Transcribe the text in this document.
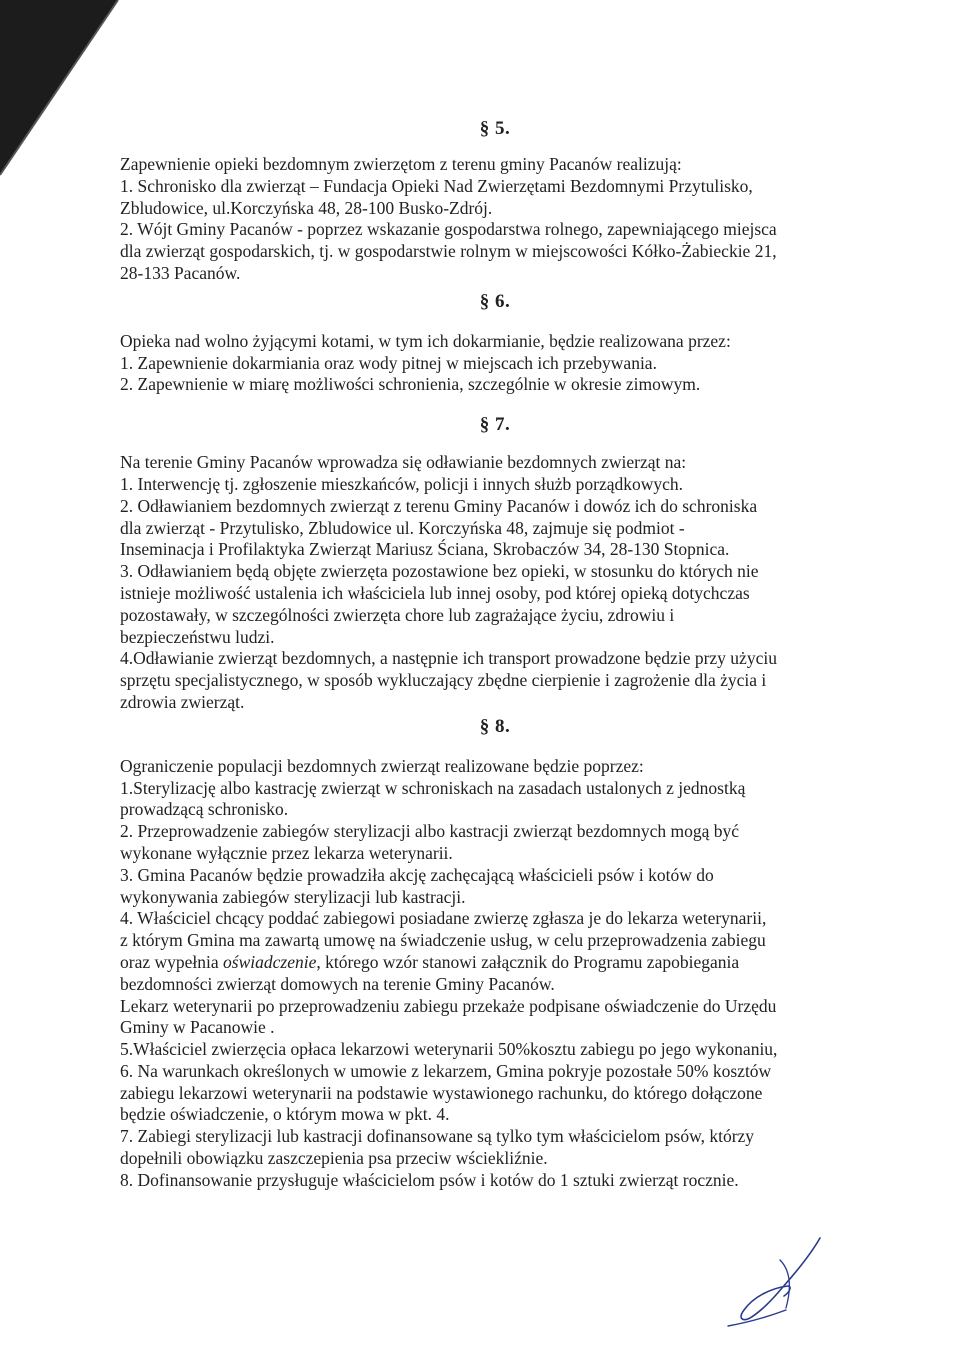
§ 5.

Zapewnienie opieki bezdomnym zwierzętom z terenu gminy Pacanów realizują:

1. Schronisko dla zwierząt – Fundacja Opieki Nad Zwierzętami Bezdomnymi Przytulisko,

Zbludowice, ul.Korczyńska 48, 28-100 Busko-Zdrój.

2. Wójt Gminy Pacanów - poprzez wskazanie gospodarstwa rolnego, zapewniającego miejsca

dla zwierząt gospodarskich, tj. w gospodarstwie rolnym w miejscowości Kółko-Żabieckie 21,

28-133 Pacanów.

§ 6.

Opieka nad wolno żyjącymi kotami, w tym ich dokarmianie, będzie realizowana przez:

1. Zapewnienie dokarmiania oraz wody pitnej w miejscach ich przebywania.

2. Zapewnienie w miarę możliwości schronienia, szczególnie w okresie zimowym.

§ 7.

Na terenie Gminy Pacanów wprowadza się odławianie bezdomnych zwierząt na:

1. Interwencję tj. zgłoszenie mieszkańców, policji i innych służb porządkowych.

2. Odławianiem bezdomnych zwierząt z terenu Gminy Pacanów i dowóz ich do schroniska

dla zwierząt - Przytulisko, Zbludowice ul. Korczyńska 48, zajmuje się podmiot -

Inseminacja i Profilaktyka Zwierząt Mariusz Ściana, Skrobaczów 34, 28-130 Stopnica.

3. Odławianiem będą objęte zwierzęta pozostawione bez opieki, w stosunku do których nie

istnieje możliwość ustalenia ich właściciela lub innej osoby, pod której opieką dotychczas

pozostawały, w szczególności zwierzęta chore lub zagrażające życiu, zdrowiu i

bezpieczeństwu ludzi.

4.Odławianie zwierząt bezdomnych, a następnie ich transport prowadzone będzie przy użyciu

sprzętu specjalistycznego, w sposób wykluczający zbędne cierpienie i zagrożenie dla życia i

zdrowia zwierząt.

§ 8.

Ograniczenie populacji bezdomnych zwierząt realizowane będzie poprzez:

1.Sterylizację albo kastrację zwierząt w schroniskach na zasadach ustalonych z jednostką

prowadzącą schronisko.

2. Przeprowadzenie zabiegów sterylizacji albo kastracji zwierząt bezdomnych mogą być

wykonane wyłącznie przez lekarza weterynarii.

3. Gmina Pacanów będzie prowadziła akcję zachęcającą właścicieli psów i kotów do

wykonywania zabiegów sterylizacji lub kastracji.

4. Właściciel chcący poddać zabiegowi posiadane zwierzę zgłasza je do lekarza weterynarii,

z którym Gmina ma zawartą umowę na świadczenie usług, w celu przeprowadzenia zabiegu

oraz wypełnia oświadczenie, którego wzór stanowi załącznik do Programu zapobiegania

bezdomności zwierząt domowych na terenie Gminy Pacanów.

Lekarz weterynarii po przeprowadzeniu zabiegu przekaże podpisane oświadczenie do Urzędu

Gminy w Pacanowie .

5.Właściciel zwierzęcia opłaca lekarzowi weterynarii 50%kosztu zabiegu po jego wykonaniu,

6. Na warunkach określonych w umowie z lekarzem, Gmina pokryje pozostałe 50% kosztów

zabiegu lekarzowi weterynarii na podstawie wystawionego rachunku, do którego dołączone

będzie oświadczenie, o którym mowa w pkt. 4.

7. Zabiegi sterylizacji lub kastracji dofinansowane są tylko tym właścicielom psów, którzy

dopełnili obowiązku zaszczepienia psa przeciw wściekliźnie.

8. Dofinansowanie przysługuje właścicielom psów i kotów do 1 sztuki zwierząt rocznie.
